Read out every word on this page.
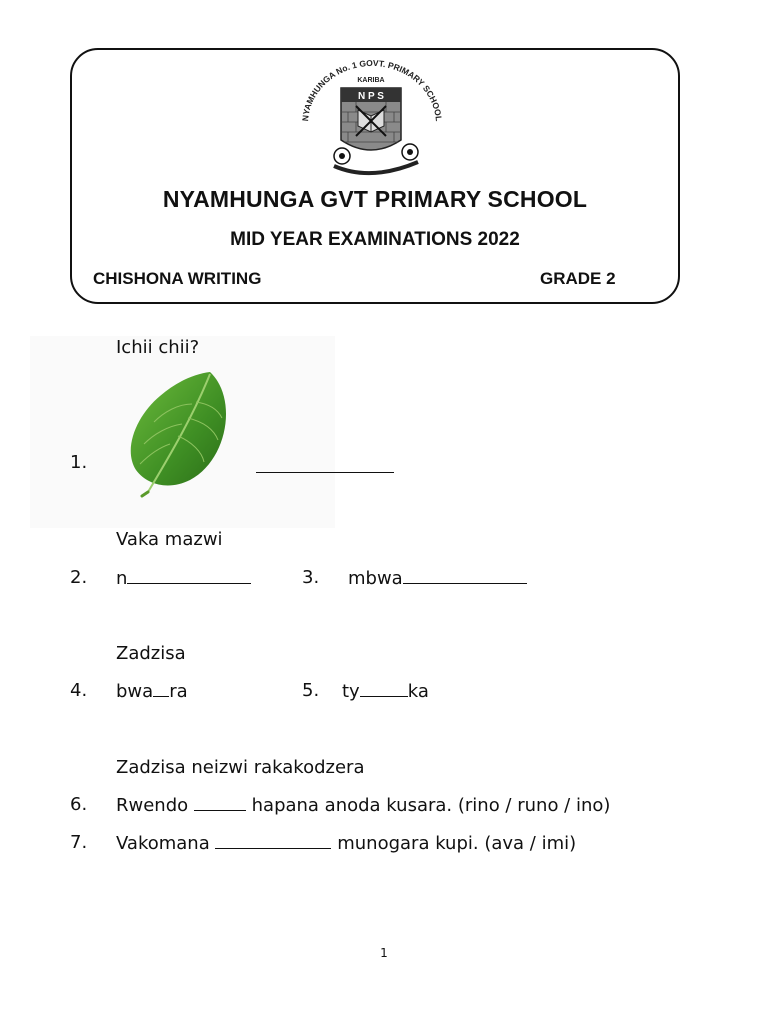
NYAMHUNGA No. 1 GOVT. PRIMARY SCHOOL
KARIBA
N P S
NYAMHUNGA GVT PRIMARY SCHOOL
MID YEAR EXAMINATIONS 2022
CHISHONA WRITING	GRADE 2
Ichii chii?
1.
Vaka mazwi
2. n	3. mbwa
Zadzisa
4. bwa ra	5. ty	ka
Zadzisa neizwi rakakodzera
6. Rwendo	hapana anoda kusara. (rino / runo / ino)
7. Vakomana	munogara kupi. (ava / imi)
1
